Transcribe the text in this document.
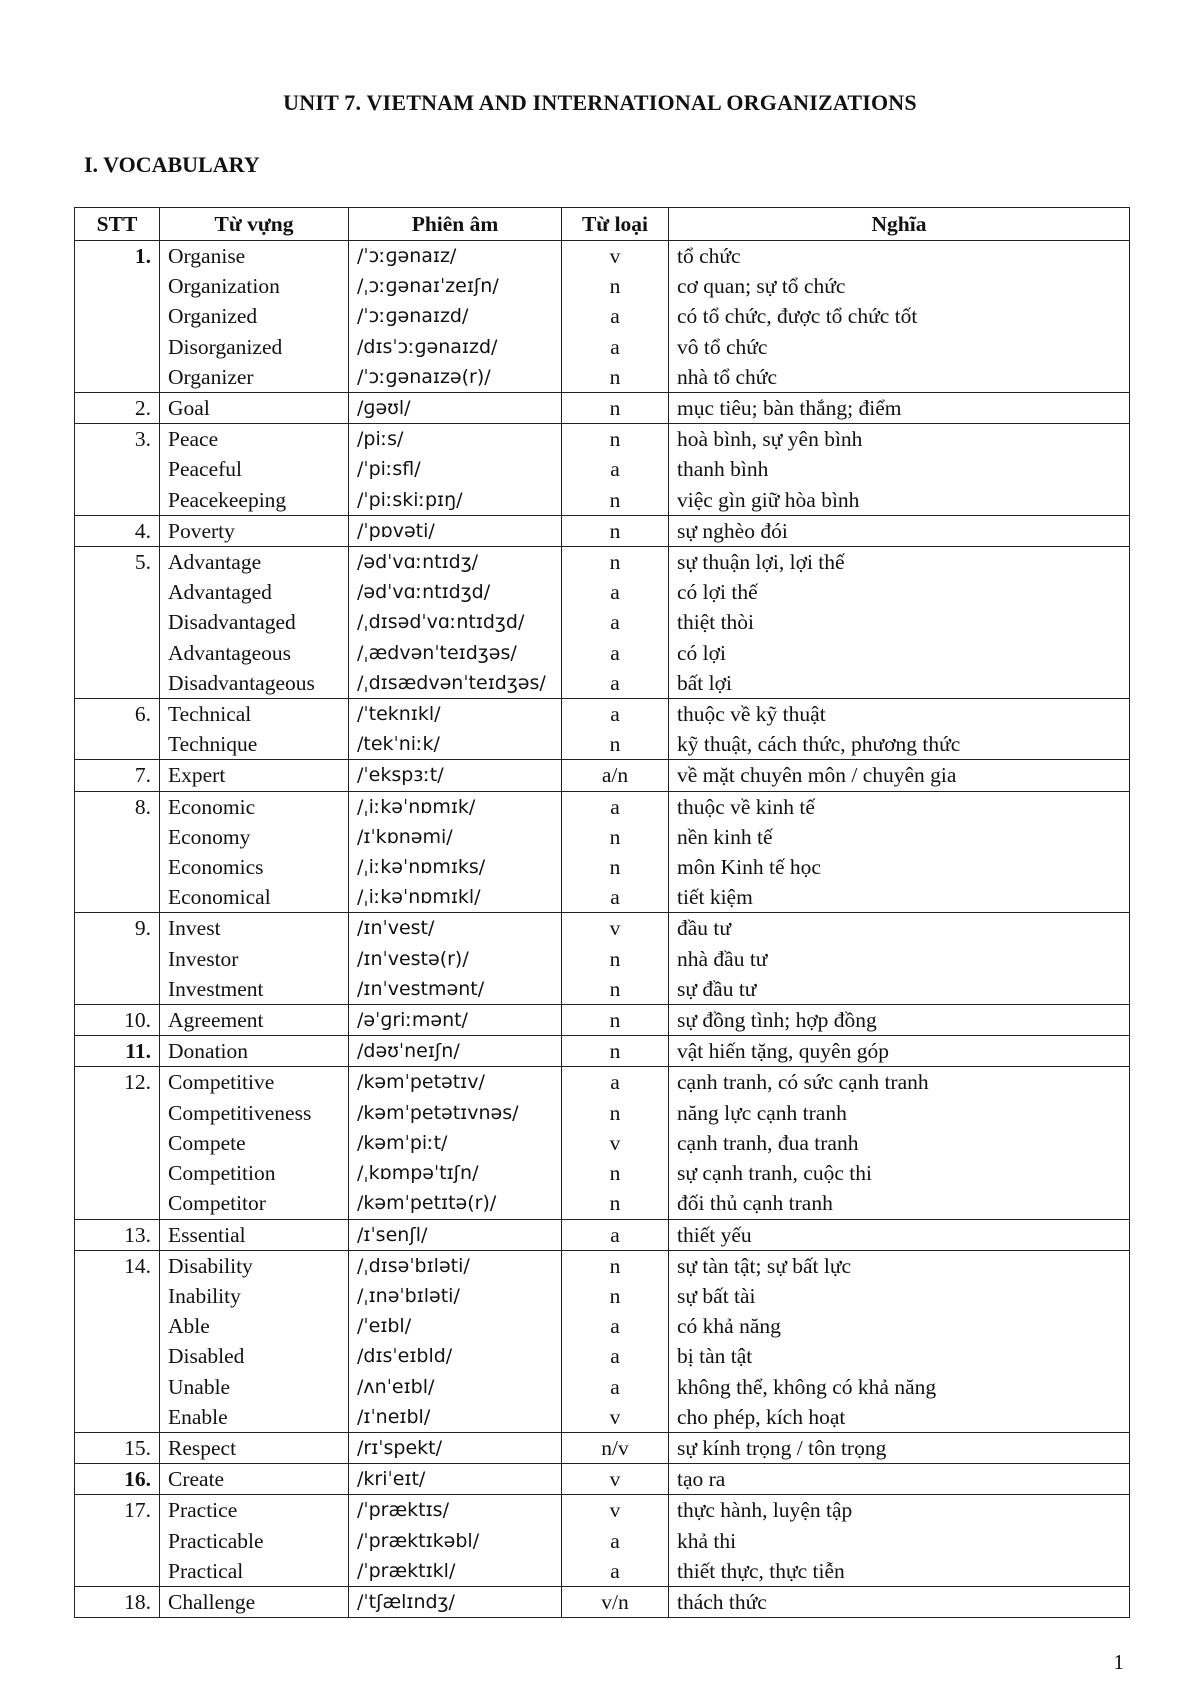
UNIT 7. VIETNAM AND INTERNATIONAL ORGANIZATIONS
I. VOCABULARY
STT	Từ vựng	Phiên âm	Từ loại	Nghĩa
1.	Organise	/ˈɔːɡənaɪz/	v	tổ chức
	Organization	/ˌɔːɡənaɪˈzeɪʃn/	n	cơ quan; sự tổ chức
	Organized	/ˈɔːɡənaɪzd/	a	có tổ chức, được tổ chức tốt
	Disorganized	/dɪsˈɔːɡənaɪzd/	a	vô tổ chức
	Organizer	/ˈɔːɡənaɪzə(r)/	n	nhà tổ chức
2.	Goal	/ɡəʊl/	n	mục tiêu; bàn thắng; điểm
3.	Peace	/piːs/	n	hoà bình, sự yên bình
	Peaceful	/ˈpiːsfl/	a	thanh bình
	Peacekeeping	/ˈpiːskiːpɪŋ/	n	việc gìn giữ hòa bình
4.	Poverty	/ˈpɒvəti/	n	sự nghèo đói
5.	Advantage	/ədˈvɑːntɪdʒ/	n	sự thuận lợi, lợi thế
	Advantaged	/ədˈvɑːntɪdʒd/	a	có lợi thế
	Disadvantaged	/ˌdɪsədˈvɑːntɪdʒd/	a	thiệt thòi
	Advantageous	/ˌædvənˈteɪdʒəs/	a	có lợi
	Disadvantageous	/ˌdɪsædvənˈteɪdʒəs/	a	bất lợi
6.	Technical	/ˈteknɪkl/	a	thuộc về kỹ thuật
	Technique	/tekˈniːk/	n	kỹ thuật, cách thức, phương thức
7.	Expert	/ˈekspɜːt/	a/n	về mặt chuyên môn / chuyên gia
8.	Economic	/ˌiːkəˈnɒmɪk/	a	thuộc về kinh tế
	Economy	/ɪˈkɒnəmi/	n	nền kinh tế
	Economics	/ˌiːkəˈnɒmɪks/	n	môn Kinh tế học
	Economical	/ˌiːkəˈnɒmɪkl/	a	tiết kiệm
9.	Invest	/ɪnˈvest/	v	đầu tư
	Investor	/ɪnˈvestə(r)/	n	nhà đầu tư
	Investment	/ɪnˈvestmənt/	n	sự đầu tư
10.	Agreement	/əˈɡriːmənt/	n	sự đồng tình; hợp đồng
11.	Donation	/dəʊˈneɪʃn/	n	vật hiến tặng, quyên góp
12.	Competitive	/kəmˈpetətɪv/	a	cạnh tranh, có sức cạnh tranh
	Competitiveness	/kəmˈpetətɪvnəs/	n	năng lực cạnh tranh
	Compete	/kəmˈpiːt/	v	cạnh tranh, đua tranh
	Competition	/ˌkɒmpəˈtɪʃn/	n	sự cạnh tranh, cuộc thi
	Competitor	/kəmˈpetɪtə(r)/	n	đối thủ cạnh tranh
13.	Essential	/ɪˈsenʃl/	a	thiết yếu
14.	Disability	/ˌdɪsəˈbɪləti/	n	sự tàn tật; sự bất lực
	Inability	/ˌɪnəˈbɪləti/	n	sự bất tài
	Able	/ˈeɪbl/	a	có khả năng
	Disabled	/dɪsˈeɪbld/	a	bị tàn tật
	Unable	/ʌnˈeɪbl/	a	không thể, không có khả năng
	Enable	/ɪˈneɪbl/	v	cho phép, kích hoạt
15.	Respect	/rɪˈspekt/	n/v	sự kính trọng / tôn trọng
16.	Create	/kriˈeɪt/	v	tạo ra
17.	Practice	/ˈpræktɪs/	v	thực hành, luyện tập
	Practicable	/ˈpræktɪkəbl/	a	khả thi
	Practical	/ˈpræktɪkl/	a	thiết thực, thực tiễn
18.	Challenge	/ˈtʃælɪndʒ/	v/n	thách thức
1
